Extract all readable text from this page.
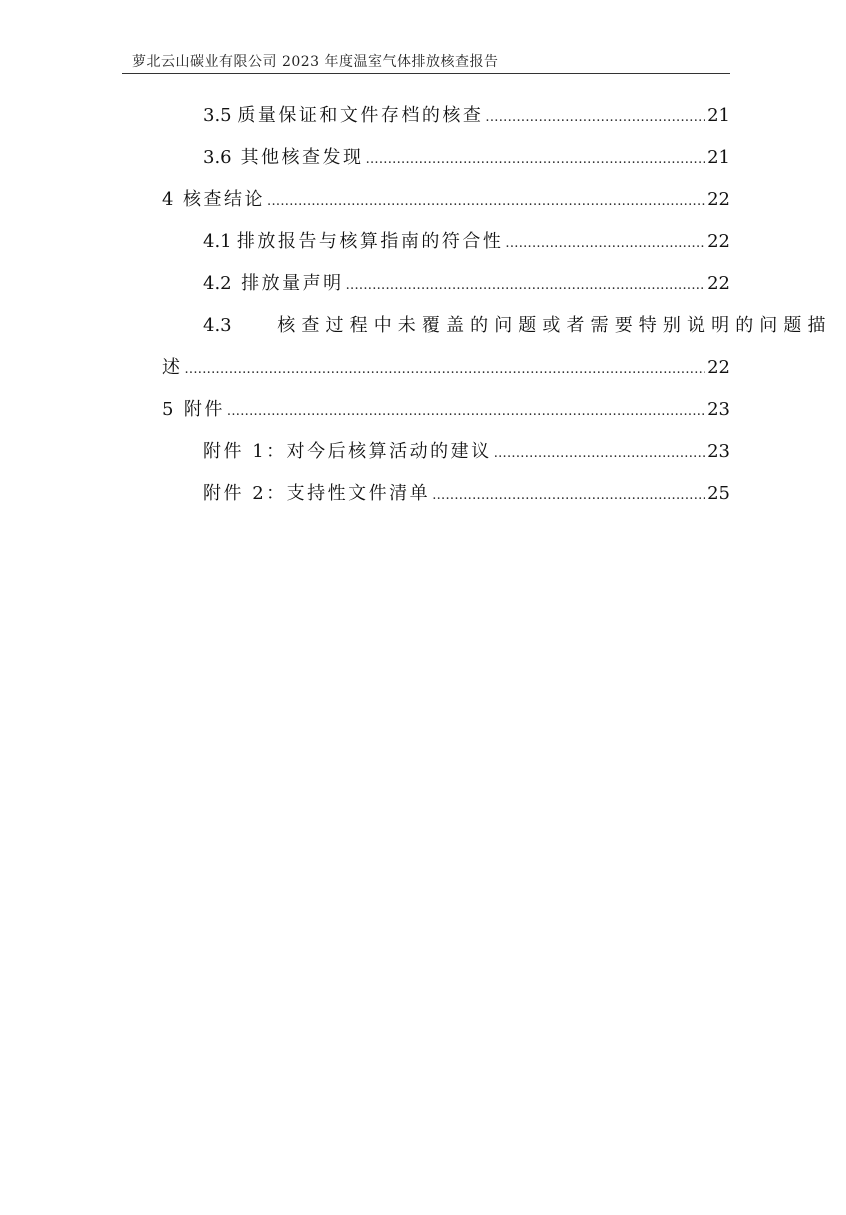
萝北云山碳业有限公司 2023 年度温室气体排放核查报告
3.5 质量保证和文件存档的核查 .....	21
3.6 其他核查发现 .....	21
4 核查结论 .....	22
4.1 排放报告与核算指南的符合性 .....	22
4.2 排放量声明 .....	22
4.3	核查过程中未覆盖的问题或者需要特别说明的问题描
述 .....	22
5 附件 .....	23
附件 1：对今后核算活动的建议 .....	23
附件 2：支持性文件清单 .....	25
